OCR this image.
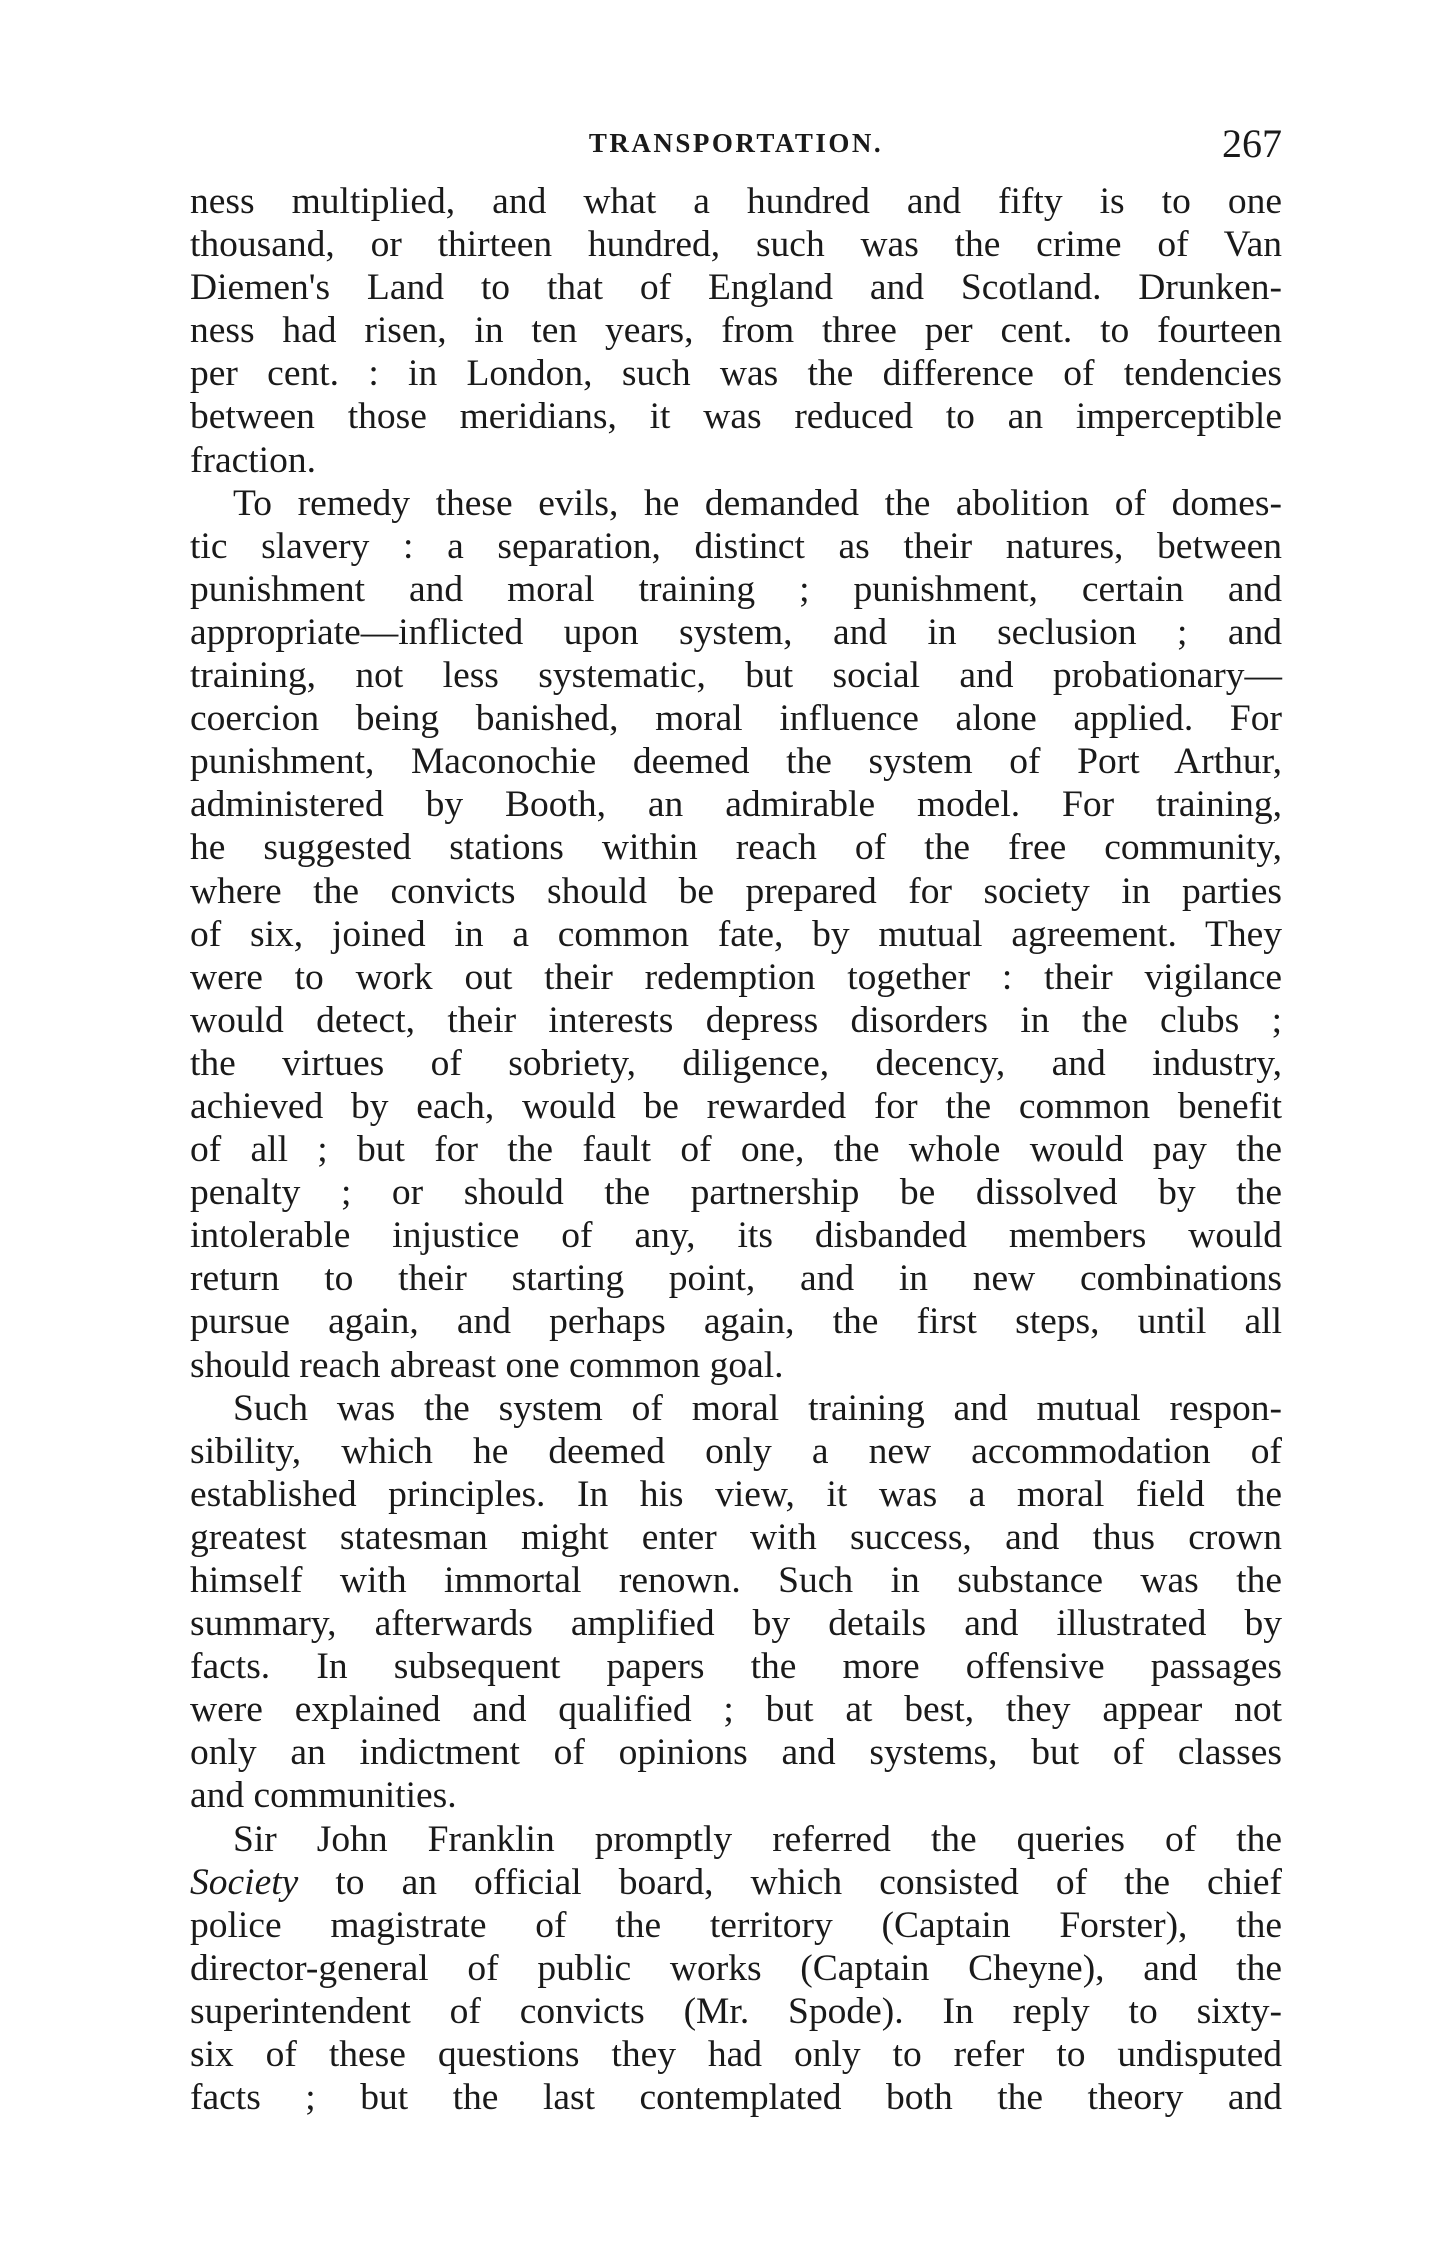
TRANSPORTATION.	267
ness multiplied, and what a hundred and fifty is to one
thousand, or thirteen hundred, such was the crime of Van
Diemen's Land to that of England and Scotland. Drunken-
ness had risen, in ten years, from three per cent. to fourteen
per cent. : in London, such was the difference of tendencies
between those meridians, it was reduced to an imperceptible
fraction.
To remedy these evils, he demanded the abolition of domes-
tic slavery : a separation, distinct as their natures, between
punishment and moral training ; punishment, certain and
appropriate—inflicted upon system, and in seclusion ; and
training, not less systematic, but social and probationary—
coercion being banished, moral influence alone applied. For
punishment, Maconochie deemed the system of Port Arthur,
administered by Booth, an admirable model. For training,
he suggested stations within reach of the free community,
where the convicts should be prepared for society in parties
of six, joined in a common fate, by mutual agreement. They
were to work out their redemption together : their vigilance
would detect, their interests depress disorders in the clubs ;
the virtues of sobriety, diligence, decency, and industry,
achieved by each, would be rewarded for the common benefit
of all ; but for the fault of one, the whole would pay the
penalty ; or should the partnership be dissolved by the
intolerable injustice of any, its disbanded members would
return to their starting point, and in new combinations
pursue again, and perhaps again, the first steps, until all
should reach abreast one common goal.
Such was the system of moral training and mutual respon-
sibility, which he deemed only a new accommodation of
established principles. In his view, it was a moral field the
greatest statesman might enter with success, and thus crown
himself with immortal renown. Such in substance was the
summary, afterwards amplified by details and illustrated by
facts. In subsequent papers the more offensive passages
were explained and qualified ; but at best, they appear not
only an indictment of opinions and systems, but of classes
and communities.
Sir John Franklin promptly referred the queries of the
Society to an official board, which consisted of the chief
police magistrate of the territory (Captain Forster), the
director-general of public works (Captain Cheyne), and the
superintendent of convicts (Mr. Spode). In reply to sixty-
six of these questions they had only to refer to undisputed
facts ; but the last contemplated both the theory and
